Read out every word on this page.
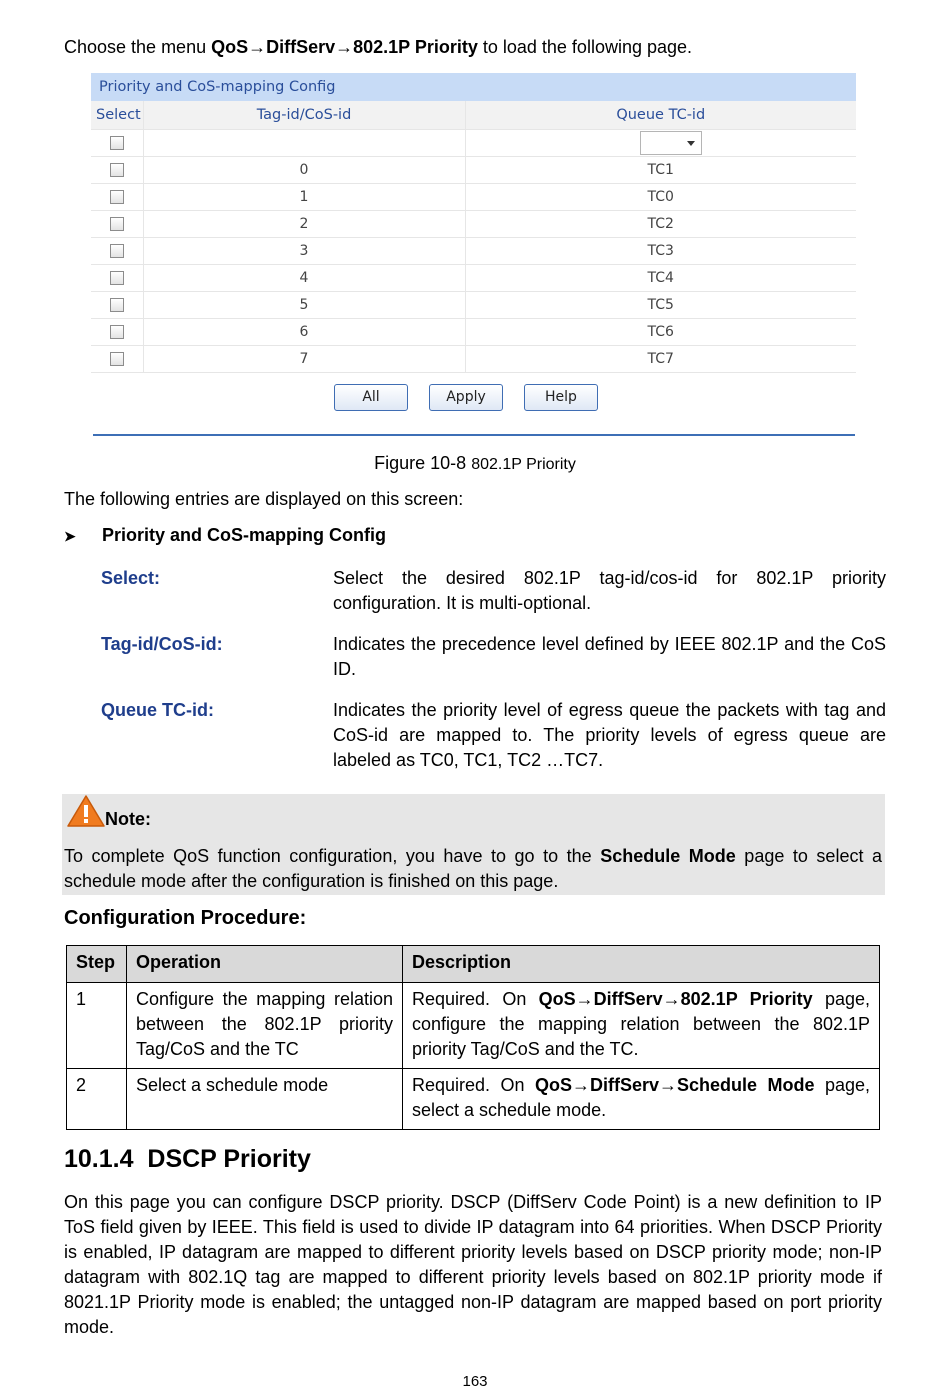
Choose the menu QoS→DiffServ→802.1P Priority to load the following page.
Priority and CoS-mapping Config
Select	Tag-id/CoS-id	Queue TC-id

	0	TC1
	1	TC0
	2	TC2
	3	TC3
	4	TC4
	5	TC5
	6	TC6
	7	TC7
All	Apply	Help
Figure 10-8 802.1P Priority
The following entries are displayed on this screen:
➤ Priority and CoS-mapping Config
Select:	Select the desired 802.1P tag-id/cos-id for 802.1P priority configuration. It is multi-optional.
Tag-id/CoS-id:	Indicates the precedence level defined by IEEE 802.1P and the CoS ID.
Queue TC-id:	Indicates the priority level of egress queue the packets with tag and CoS-id are mapped to. The priority levels of egress queue are labeled as TC0, TC1, TC2 …TC7.
Note:
To complete QoS function configuration, you have to go to the Schedule Mode page to select a schedule mode after the configuration is finished on this page.
Configuration Procedure:
Step	Operation	Description
1	Configure the mapping relation between the 802.1P priority Tag/CoS and the TC	Required. On QoS→DiffServ→802.1P Priority page, configure the mapping relation between the 802.1P priority Tag/CoS and the TC.
2	Select a schedule mode	Required. On QoS→DiffServ→Schedule Mode page, select a schedule mode.
10.1.4  DSCP Priority
On this page you can configure DSCP priority. DSCP (DiffServ Code Point) is a new definition to IP ToS field given by IEEE. This field is used to divide IP datagram into 64 priorities. When DSCP Priority is enabled, IP datagram are mapped to different priority levels based on DSCP priority mode; non-IP datagram with 802.1Q tag are mapped to different priority levels based on 802.1P priority mode if 8021.1P Priority mode is enabled; the untagged non-IP datagram are mapped based on port priority mode.
163
